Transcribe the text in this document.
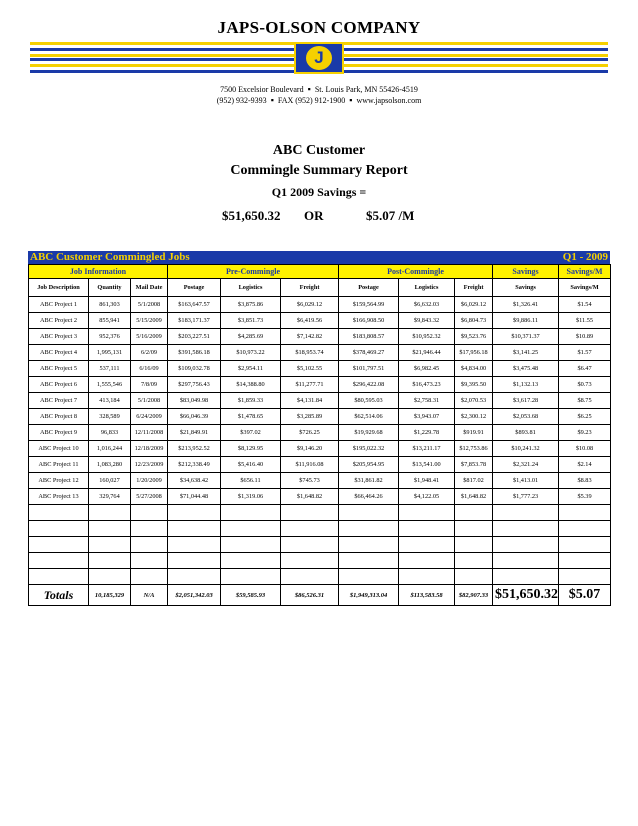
JAPS-OLSON COMPANY
J
7500 Excelsior Boulevard ▪ St. Louis Park, MN 55426-4519
(952) 932-9393 ▪ FAX (952) 912-1900 ▪ www.japsolson.com
ABC Customer
Commingle Summary Report
Q1 2009 Savings =
$51,650.32 OR	$5.07 /M
ABC Customer Commingled Jobs	Q1 - 2009
Job Information			Pre-Commingle			Post-Commingle			Savings	Savings/M
Job Description	Quantity	Mail Date	Postage	Logistics	Freight	Postage	Logistics	Freight	Savings	Savings/M
ABC Project 1	861,303	5/1/2008	$163,647.57	$3,875.86	$6,029.12	$159,564.99	$6,632.03	$6,029.12	$1,326.41	$1.54
ABC Project 2	855,941	5/15/2009	$183,171.37	$3,851.73	$6,419.56	$166,908.50	$9,843.32	$6,804.73	$9,886.11	$11.55
ABC Project 3	952,376	5/16/2009	$203,227.51	$4,285.69	$7,142.82	$183,808.57	$10,952.32	$9,523.76	$10,371.37	$10.89
ABC Project 4	1,995,131	6/2/09	$391,586.18	$10,973.22	$18,953.74	$378,469.27	$21,946.44	$17,956.18	$3,141.25	$1.57
ABC Project 5	537,111	6/16/09	$109,032.78	$2,954.11	$5,102.55	$101,797.51	$6,982.45	$4,834.00	$3,475.48	$6.47
ABC Project 6	1,555,546	7/8/09	$297,756.43	$14,388.80	$11,277.71	$296,422.08	$16,473.23	$9,395.50	$1,132.13	$0.73
ABC Project 7	413,184	5/1/2008	$83,049.98	$1,859.33	$4,131.84	$80,595.03	$2,758.31	$2,070.53	$3,617.28	$8.75
ABC Project 8	328,589	6/24/2009	$66,046.39	$1,478.65	$3,285.89	$62,514.06	$3,943.07	$2,300.12	$2,053.68	$6.25
ABC Project 9	96,833	12/11/2008	$21,849.91	$397.02	$726.25	$19,929.68	$1,229.78	$919.91	$893.81	$9.23
ABC Project 10	1,016,244	12/18/2009	$213,952.52	$8,129.95	$9,146.20	$195,022.32	$13,211.17	$12,753.86	$10,241.32	$10.08
ABC Project 11	1,083,280	12/23/2009	$212,338.49	$5,416.40	$11,916.08	$205,954.95	$13,541.00	$7,853.78	$2,321.24	$2.14
ABC Project 12	160,027	1/20/2009	$34,638.42	$656.11	$745.73	$31,861.82	$1,948.41	$817.02	$1,413.01	$8.83
ABC Project 13	329,764	5/27/2008	$71,044.48	$1,319.06	$1,648.82	$66,464.26	$4,122.05	$1,648.82	$1,777.23	$5.39

Totals	10,185,329	N/A	$2,051,342.03	$59,585.93	$86,526.31	$1,949,313.04	$113,583.58	$82,907.33	$51,650.32	$5.07
